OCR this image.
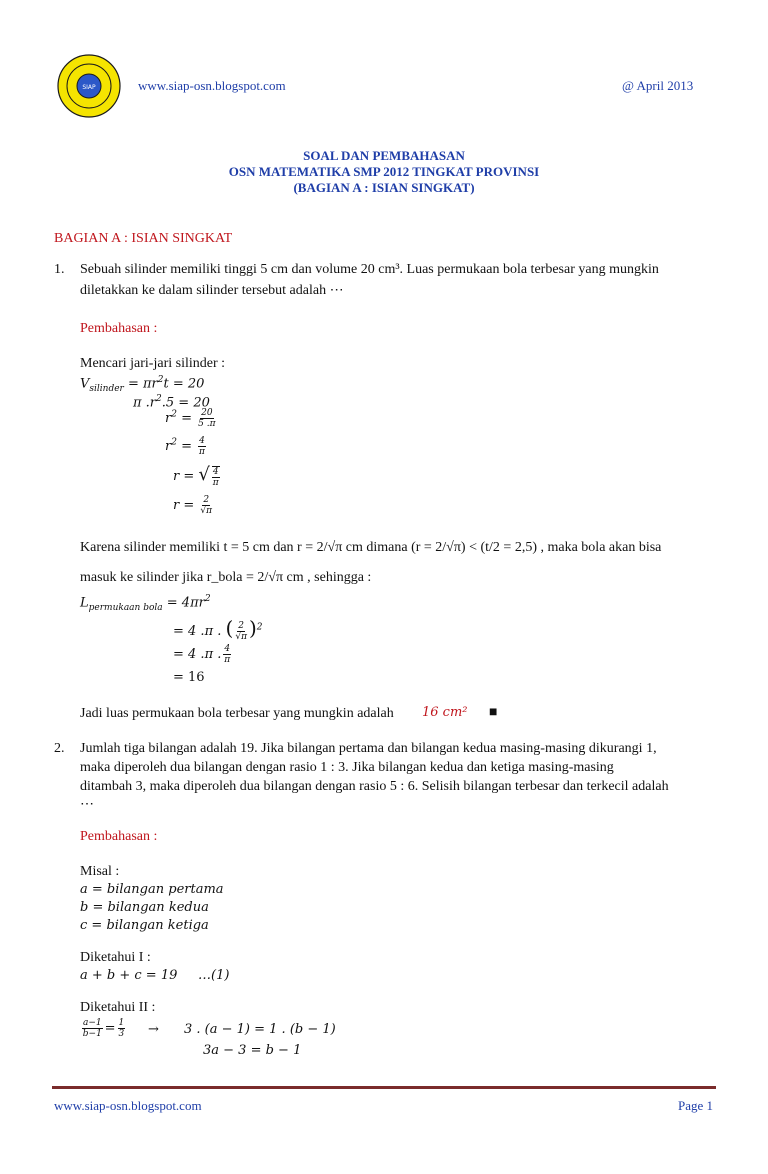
SIAP	www.siap-osn.blogspot.com	@ April 2013
SOAL DAN PEMBAHASAN
OSN MATEMATIKA SMP 2012 TINGKAT PROVINSI
(BAGIAN A : ISIAN SINGKAT)
BAGIAN A : ISIAN SINGKAT
1. Sebuah silinder memiliki tinggi 5 cm dan volume 20 cm³. Luas permukaan bola terbesar yang mungkin
diletakkan ke dalam silinder tersebut adalah ⋯
Pembahasan :
Mencari jari-jari silinder :
$V_{silinder} = \pi r^2t = 20$
π $.r^2.5 = 20$
$r^2 = \frac{20}{5 .\pi}$
$r^2 = \frac{4}{\pi}$
r = √ $\frac{4}{\pi}$
$r = \frac{2}{√\pi}$
Karena silinder memiliki t = 5 cm dan r = 2/√π cm dimana (r = 2/√π) < (t/2 = 2,5) , maka bola akan bisa
masuk ke silinder jika r_bola = 2/√π cm , sehingga :
$L_{permukaan bola} = 4\pi r^2$
= 4 .π . ( $\frac{2}{√\pi} )^2$
= 4 .π . $\frac{4}{\pi}$
= 16
Jadi luas permukaan bola terbesar yang mungkin adalah 16 cm² ■
2. Jumlah tiga bilangan adalah 19. Jika bilangan pertama dan bilangan kedua masing-masing dikurangi 1,
maka diperoleh dua bilangan dengan rasio 1 : 3. Jika bilangan kedua dan ketiga masing-masing
ditambah 3, maka diperoleh dua bilangan dengan rasio 5 : 6. Selisih bilangan terbesar dan terkecil adalah
⋯
Pembahasan :
Misal :
a = bilangan pertama
b = bilangan kedua
c = bilangan ketiga
Diketahui I :
a + b + c = 19     …(1)
Diketahui II :
$\frac{a-1}{b-1} = \frac{1}{3} \to 3$ . (a − 1) = 1 . (b − 1)
3a − 3 = b − 1
www.siap-osn.blogspot.com	Page 1
